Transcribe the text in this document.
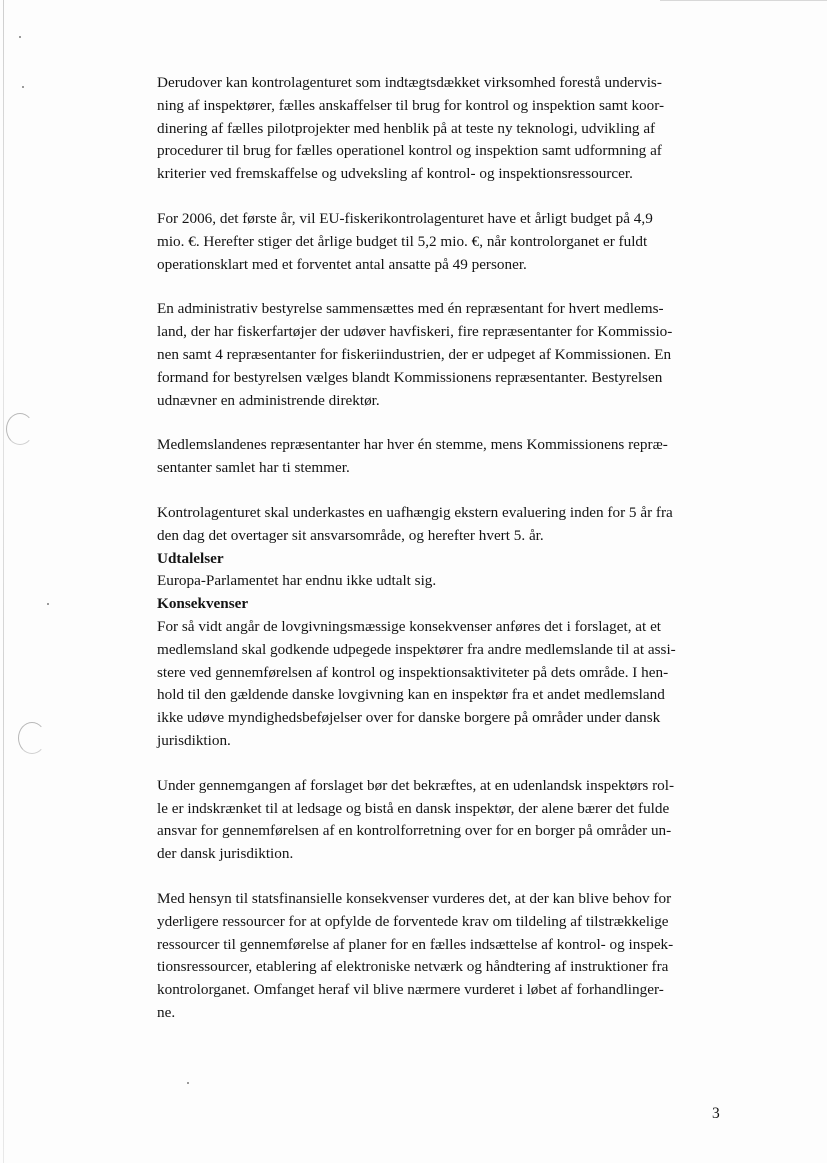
Derudover kan kontrolagenturet som indtægtsdækket virksomhed forestå undervis-
ning af inspektører, fælles anskaffelser til brug for kontrol og inspektion samt koor-
dinering af fælles pilotprojekter med henblik på at teste ny teknologi, udvikling af
procedurer til brug for fælles operationel kontrol og inspektion samt udformning af
kriterier ved fremskaffelse og udveksling af kontrol- og inspektionsressourcer.

For 2006, det første år, vil EU-fiskerikontrolagenturet have et årligt budget på 4,9
mio. €. Herefter stiger det årlige budget til 5,2 mio. €, når kontrolorganet er fuldt
operationsklart med et forventet antal ansatte på 49 personer.

En administrativ bestyrelse sammensættes med én repræsentant for hvert medlems-
land, der har fiskerfartøjer der udøver havfiskeri, fire repræsentanter for Kommissio-
nen samt 4 repræsentanter for fiskeriindustrien, der er udpeget af Kommissionen. En
formand for bestyrelsen vælges blandt Kommissionens repræsentanter. Bestyrelsen
udnævner en administrende direktør.

Medlemslandenes repræsentanter har hver én stemme, mens Kommissionens repræ-
sentanter samlet har ti stemmer.

Kontrolagenturet skal underkastes en uafhængig ekstern evaluering inden for 5 år fra
den dag det overtager sit ansvarsområde, og herefter hvert 5. år.

Udtalelser

Europa-Parlamentet har endnu ikke udtalt sig.

Konsekvenser

For så vidt angår de lovgivningsmæssige konsekvenser anføres det i forslaget, at et
medlemsland skal godkende udpegede inspektører fra andre medlemslande til at assi-
stere ved gennemførelsen af kontrol og inspektionsaktiviteter på dets område. I hen-
hold til den gældende danske lovgivning kan en inspektør fra et andet medlemsland
ikke udøve myndighedsbeføjelser over for danske borgere på områder under dansk
jurisdiktion.

Under gennemgangen af forslaget bør det bekræftes, at en udenlandsk inspektørs rol-
le er indskrænket til at ledsage og bistå en dansk inspektør, der alene bærer det fulde
ansvar for gennemførelsen af en kontrolforretning over for en borger på områder un-
der dansk jurisdiktion.

Med hensyn til statsfinansielle konsekvenser vurderes det, at der kan blive behov for
yderligere ressourcer for at opfylde de forventede krav om tildeling af tilstrækkelige
ressourcer til gennemførelse af planer for en fælles indsættelse af kontrol- og inspek-
tionsressourcer, etablering af elektroniske netværk og håndtering af instruktioner fra
kontrolorganet. Omfanget heraf vil blive nærmere vurderet i løbet af forhandlinger-
ne.

3
